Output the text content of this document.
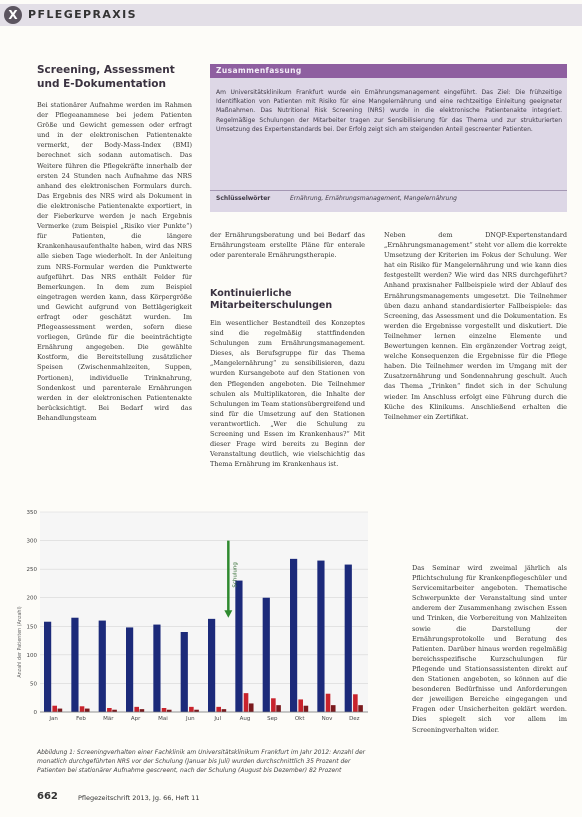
X PFLEGEPRAXIS
Screening, Assessment und E-Dokumentation
Bei stationärer Aufnahme werden im Rahmen der Pflegeanamnese bei jedem Patienten Größe und Gewicht gemessen oder erfragt und in der elektronischen Patientenakte vermerkt, der Body-Mass-Index (BMI) berechnet sich sodann automatisch. Das Weitere führen die Pflegekräfte innerhalb der ersten 24 Stunden nach Aufnahme das NRS anhand des elektronischen Formulars durch. Das Ergebnis des NRS wird als Dokument in die elektronische Patientenakte exportiert, in der Fieberkurve werden je nach Ergebnis Vermerke (zum Beispiel „Risiko vier Punkte“) für Patienten, die längere Krankenhausaufenthalte haben, wird das NRS alle sieben Tage wiederholt. In der Anleitung zum NRS-Formular werden die Punktwerte aufgeführt. Das NRS enthält Felder für Bemerkungen. In dem zum Beispiel eingetragen werden kann, dass Körpergröße und Gewicht aufgrund von Bettlägerigkeit erfragt oder geschätzt wurden. Im Pflegeassessment werden, sofern diese vorliegen, Gründe für die beeinträchtigte Ernährung angegeben. Die gewählte Kostform, die Bereitstellung zusätzlicher Speisen (Zwischenmahlzeiten, Suppen, Portionen), individuelle Trinknahrung, Sondenkost und parenterale Ernährungen werden in der elektronischen Patientenakte berücksichtigt. Bei Bedarf wird das Behandlungsteam
Zusammenfassung
Am Universitätsklinikum Frankfurt wurde ein Ernährungsmanagement eingeführt. Das Ziel: Die frühzeitige Identifikation von Patienten mit Risiko für eine Mangelernährung und eine rechtzeitige Einleitung geeigneter Maßnahmen. Das Nutritional Risk Screening (NRS) wurde in die elektronische Patientenakte integriert. Regelmäßige Schulungen der Mitarbeiter tragen zur Sensibilisierung für das Thema und zur strukturierten Umsetzung des Expertenstandards bei. Der Erfolg zeigt sich am steigenden Anteil gescreenter Patienten.
Schlüsselwörter	Ernährung, Ernährungsmanagement, Mangelernährung
der Ernährungsberatung und bei Bedarf das Ernährungsteam erstellte Pläne für enterale oder parenterale Ernährungstherapie.
Kontinuierliche Mitarbeiterschulungen
Ein wesentlicher Bestandteil des Konzeptes sind die regelmäßig stattfindenden Schulungen zum Ernährungsmanagement. Dieses, als Berufsgruppe für das Thema „Mangelernährung“ zu sensibilisieren, dazu wurden Kursangebote auf den Stationen von den Pflegenden angeboten. Die Teilnehmer schulen als Multiplikatoren, die Inhalte der Schulungen im Team stationsübergreifend und sind für die Umsetzung auf den Stationen verantwortlich. „Wer die Schulung zu Screening und Essen im Krankenhaus?“ Mit dieser Frage wird bereits zu Beginn der Veranstaltung deutlich, wie vielschichtig das Thema Ernährung im Krankenhaus ist.
Neben dem DNQP-Expertenstandard „Ernährungsmanagement“ steht vor allem die korrekte Umsetzung der Kriterien im Fokus der Schulung. Wer hat ein Risiko für Mangelernährung und wie kann dies festgestellt werden? Wie wird das NRS durchgeführt? Anhand praxisnaher Fallbeispiele wird der Ablauf des Ernährungsmanagements umgesetzt. Die Teilnehmer üben dazu anhand standardisierter Fallbeispiele: das Screening, das Assessment und die Dokumentation. Es werden die Ergebnisse vorgestellt und diskutiert. Die Teilnehmer lernen einzelne Elemente und Bewertungen kennen. Ein ergänzender Vortrag zeigt, welche Konsequenzen die Ergebnisse für die Pflege haben. Die Teilnehmer werden im Umgang mit der Zusatzernährung und Sondennahrung geschult. Auch das Thema „Trinken“ findet sich in der Schulung wieder. Im Anschluss erfolgt eine Führung durch die Küche des Klinikums. Anschließend erhalten die Teilnehmer ein Zertifikat.
Das Seminar wird zweimal jährlich als Pflichtschulung für Krankenpflegeschüler und Servicemitarbeiter angeboten. Thematische Schwerpunkte der Veranstaltung sind unter anderem der Zusammenhang zwischen Essen und Trinken, die Vorbereitung von Mahlzeiten sowie die Darstellung der Ernährungsprotokolle und Beratung des Patienten. Darüber hinaus werden regelmäßig bereichsspezifische Kurzschulungen für Pflegende und Stationsassistenten direkt auf den Stationen angeboten, so können auf die besonderen Bedürfnisse und Anforderungen der jeweiligen Bereiche eingegangen und Fragen oder Unsicherheiten geklärt werden. Dies spiegelt sich vor allem im Screeningverhalten wider.
0
50
100
150
200
250
300
350
Anzahl der Patienten (Anzahl)
Jan	Feb	Mär	Apr	Mai	Jun	Jul	Aug	Sep	Okt	Nov	Dez
Schulung
Abbildung 1: Screeningverhalten einer Fachklinik am Universitätsklinikum Frankfurt im Jahr 2012: Anzahl der monatlich durchgeführten NRS vor der Schulung (Januar bis Juli) wurden durchschnittlich 35 Prozent der Patienten bei stationärer Aufnahme gescreent, nach der Schulung (August bis Dezember) 82 Prozent
662	Pflegezeitschrift 2013, Jg. 66, Heft 11
